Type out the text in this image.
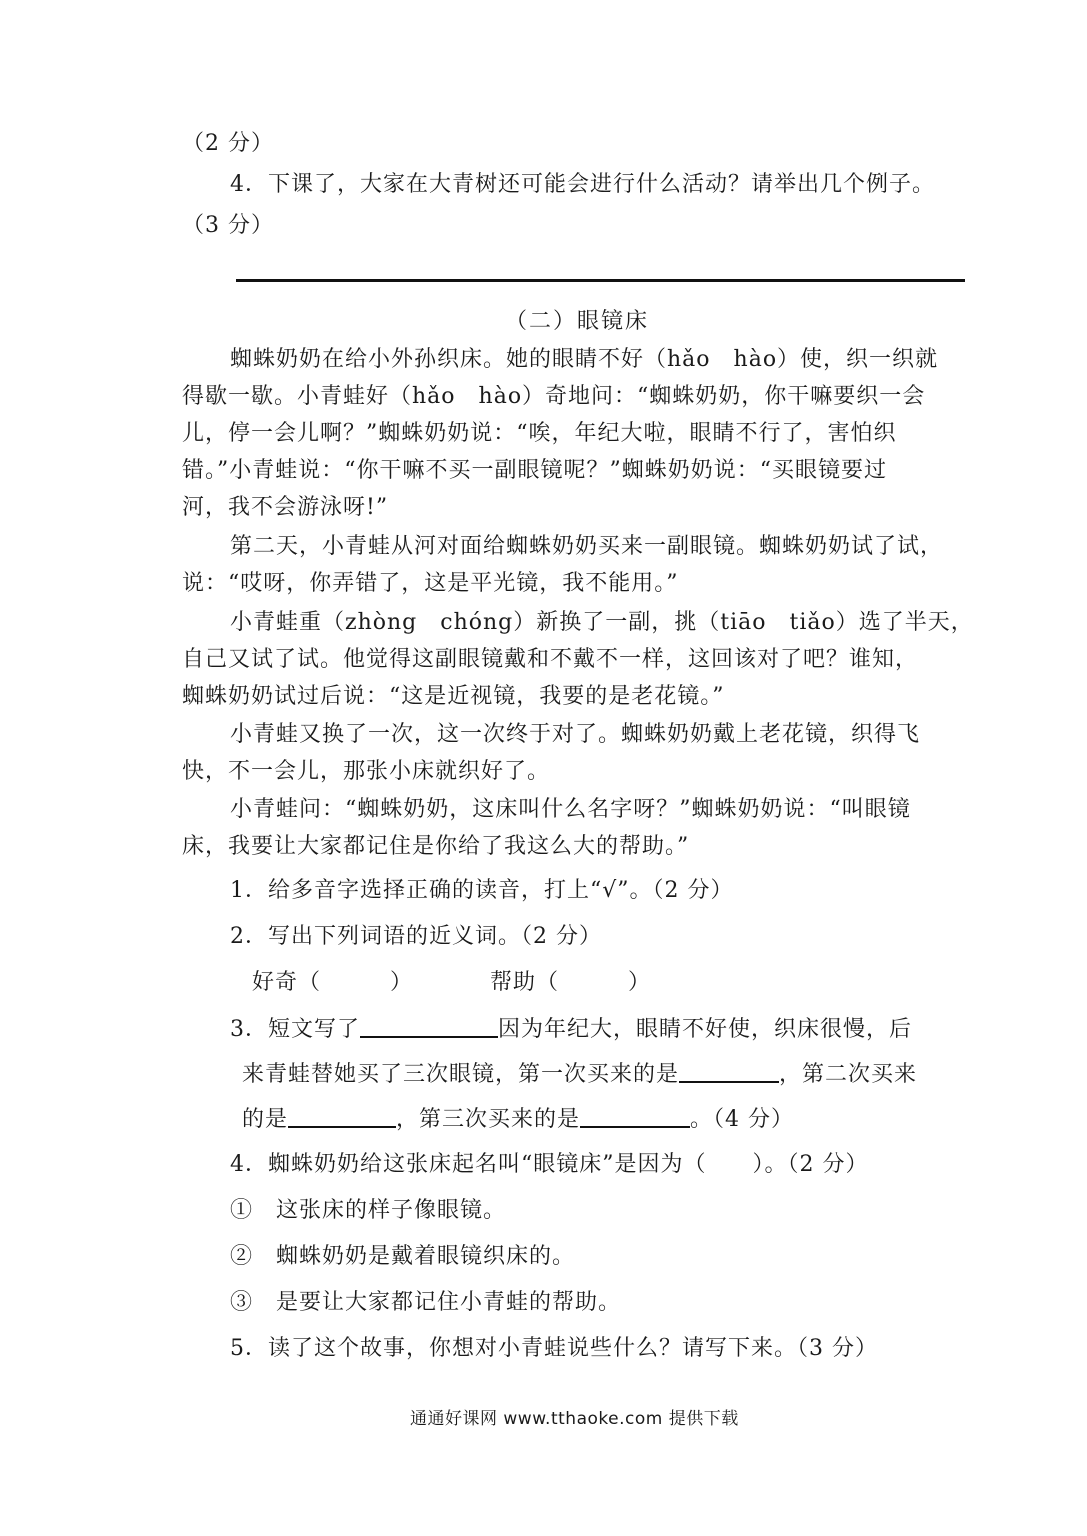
（2 分）
4．下课了，大家在大青树还可能会进行什么活动？请举出几个例子。
（3 分）
（二）眼镜床
蜘蛛奶奶在给小外孙织床。她的眼睛不好（hǎo　hào）使，织一织就
得歇一歇。小青蛙好（hǎo　hào）奇地问：“蜘蛛奶奶，你干嘛要织一会
儿，停一会儿啊？”蜘蛛奶奶说：“唉，年纪大啦，眼睛不行了，害怕织
错。”小青蛙说：“你干嘛不买一副眼镜呢？”蜘蛛奶奶说：“买眼镜要过
河，我不会游泳呀!”
第二天，小青蛙从河对面给蜘蛛奶奶买来一副眼镜。蜘蛛奶奶试了试，
说：“哎呀，你弄错了，这是平光镜，我不能用。”
小青蛙重（zhòng　chóng）新换了一副，挑（tiāo　tiǎo）选了半天，
自己又试了试。他觉得这副眼镜戴和不戴不一样，这回该对了吧？谁知，
蜘蛛奶奶试过后说：“这是近视镜，我要的是老花镜。”
小青蛙又换了一次，这一次终于对了。蜘蛛奶奶戴上老花镜，织得飞
快，不一会儿，那张小床就织好了。
小青蛙问：“蜘蛛奶奶，这床叫什么名字呀？”蜘蛛奶奶说：“叫眼镜
床，我要让大家都记住是你给了我这么大的帮助。”
1．给多音字选择正确的读音，打上“√”。（2 分）
2．写出下列词语的近义词。（2 分）
好奇（　　　）	帮助（　　　）
3．短文写了	因为年纪大，眼睛不好使，织床很慢，后
来青蛙替她买了三次眼镜，第一次买来的是	，第二次买来
的是	，第三次买来的是	。（4 分）
4．蜘蛛奶奶给这张床起名叫“眼镜床”是因为（　　）。（2 分）
①　这张床的样子像眼镜。
②　蜘蛛奶奶是戴着眼镜织床的。
③　是要让大家都记住小青蛙的帮助。
5．读了这个故事，你想对小青蛙说些什么？请写下来。（3 分）
通通好课网 www.tthaoke.com 提供下载
